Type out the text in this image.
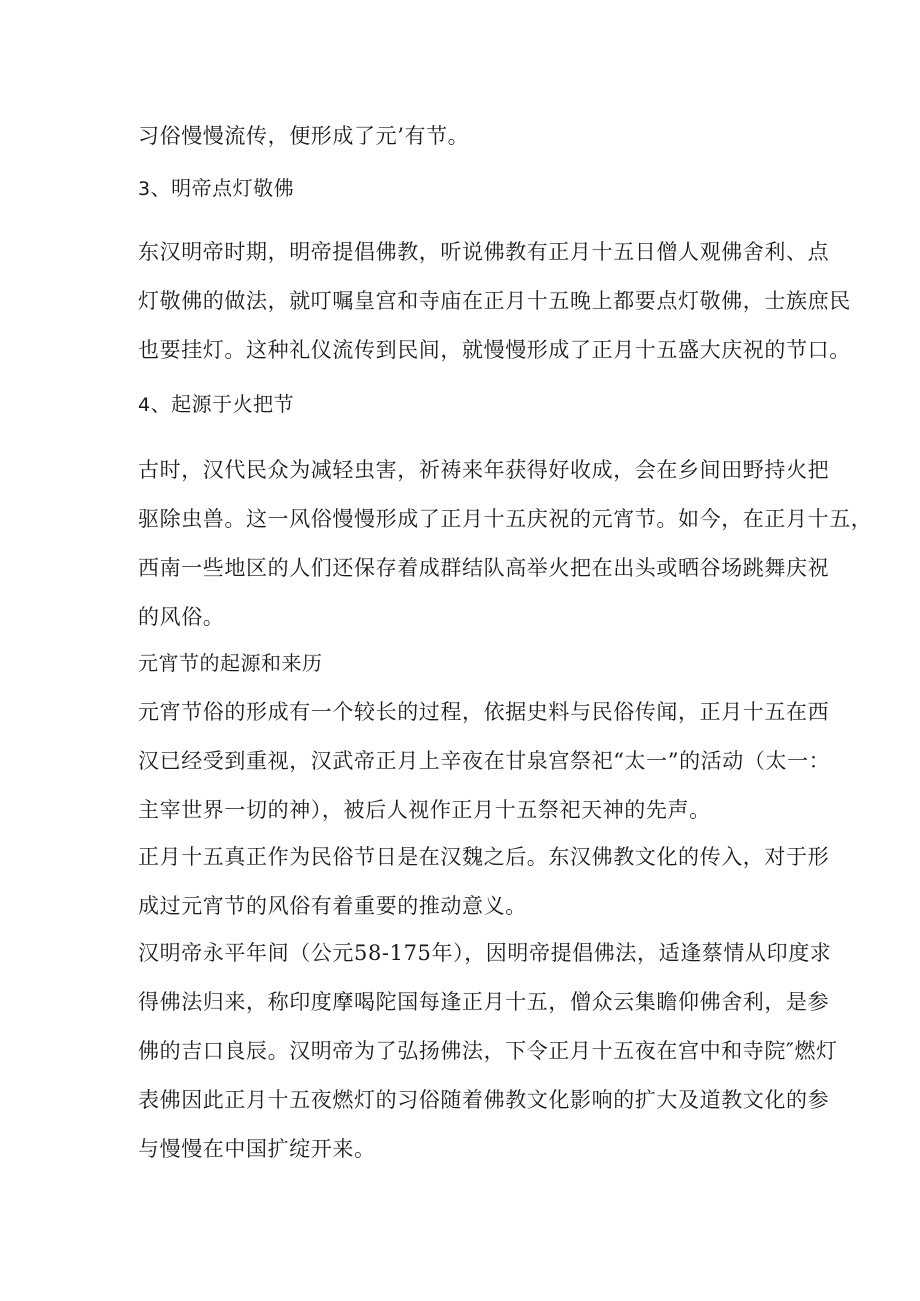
习俗慢慢流传，便形成了元’有节。

3、明帝点灯敬佛

东汉明帝时期，明帝提倡佛教，听说佛教有正月十五日僧人观佛舍利、点
灯敬佛的做法，就叮嘱皇宫和寺庙在正月十五晚上都要点灯敬佛，士族庶民
也要挂灯。这种礼仪流传到民间，就慢慢形成了正月十五盛大庆祝的节口。

4、起源于火把节

古时，汉代民众为减轻虫害，祈祷来年获得好收成，会在乡间田野持火把
驱除虫兽。这一风俗慢慢形成了正月十五庆祝的元宵节。如今，在正月十五，
西南一些地区的人们还保存着成群结队高举火把在出头或晒谷场跳舞庆祝
的风俗。

元宵节的起源和来历

元宵节俗的形成有一个较长的过程，依据史料与民俗传闻，正月十五在西
汉已经受到重视，汉武帝正月上辛夜在甘泉宫祭祀“太一”的活动（太一：
主宰世界一切的神），被后人视作正月十五祭祀天神的先声。

正月十五真正作为民俗节日是在汉魏之后。东汉佛教文化的传入，对于形
成过元宵节的风俗有着重要的推动意义。

汉明帝永平年间（公元58-175年），因明帝提倡佛法，适逢蔡情从印度求
得佛法归来，称印度摩喝陀国每逢正月十五，僧众云集瞻仰佛舍利，是参
佛的吉口良辰。汉明帝为了弘扬佛法，下令正月十五夜在宫中和寺院″燃灯
表佛因此正月十五夜燃灯的习俗随着佛教文化影响的扩大及道教文化的参
与慢慢在中国扩绽开来。
